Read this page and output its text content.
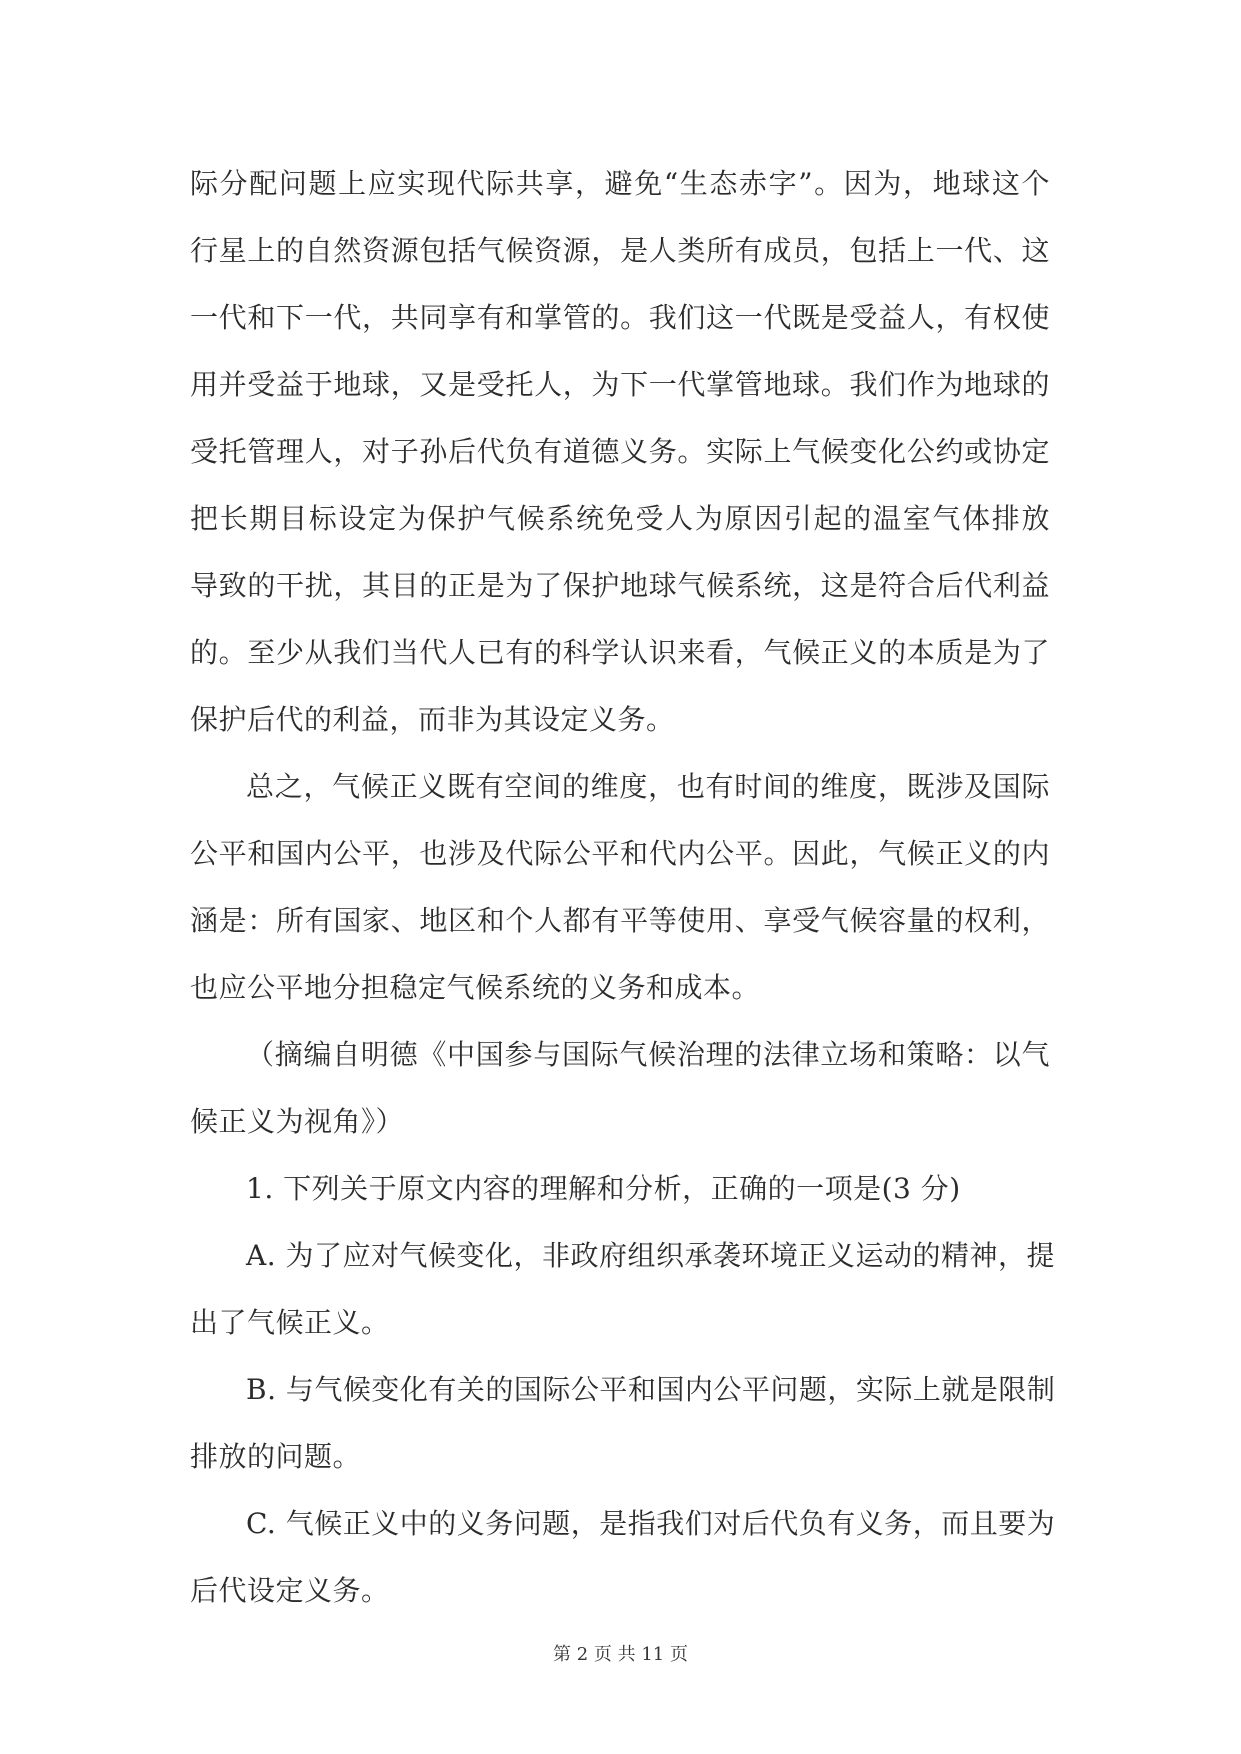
际分配问题上应实现代际共享，避免“生态赤字”。因为，地球这个
行星上的自然资源包括气候资源，是人类所有成员，包括上一代、这
一代和下一代，共同享有和掌管的。我们这一代既是受益人，有权使
用并受益于地球，又是受托人，为下一代掌管地球。我们作为地球的
受托管理人，对子孙后代负有道德义务。实际上气候变化公约或协定
把长期目标设定为保护气候系统免受人为原因引起的温室气体排放
导致的干扰，其目的正是为了保护地球气候系统，这是符合后代利益
的。至少从我们当代人已有的科学认识来看，气候正义的本质是为了
保护后代的利益，而非为其设定义务。
总之，气候正义既有空间的维度，也有时间的维度，既涉及国际
公平和国内公平，也涉及代际公平和代内公平。因此，气候正义的内
涵是：所有国家、地区和个人都有平等使用、享受气候容量的权利，
也应公平地分担稳定气候系统的义务和成本。
（摘编自明德《中国参与国际气候治理的法律立场和策略：以气
候正义为视角》）
1. 下列关于原文内容的理解和分析，正确的一项是(3 分)
A. 为了应对气候变化，非政府组织承袭环境正义运动的精神，提
出了气候正义。
B. 与气候变化有关的国际公平和国内公平问题，实际上就是限制
排放的问题。
C. 气候正义中的义务问题，是指我们对后代负有义务，而且要为
后代设定义务。
第 2 页 共 11 页
